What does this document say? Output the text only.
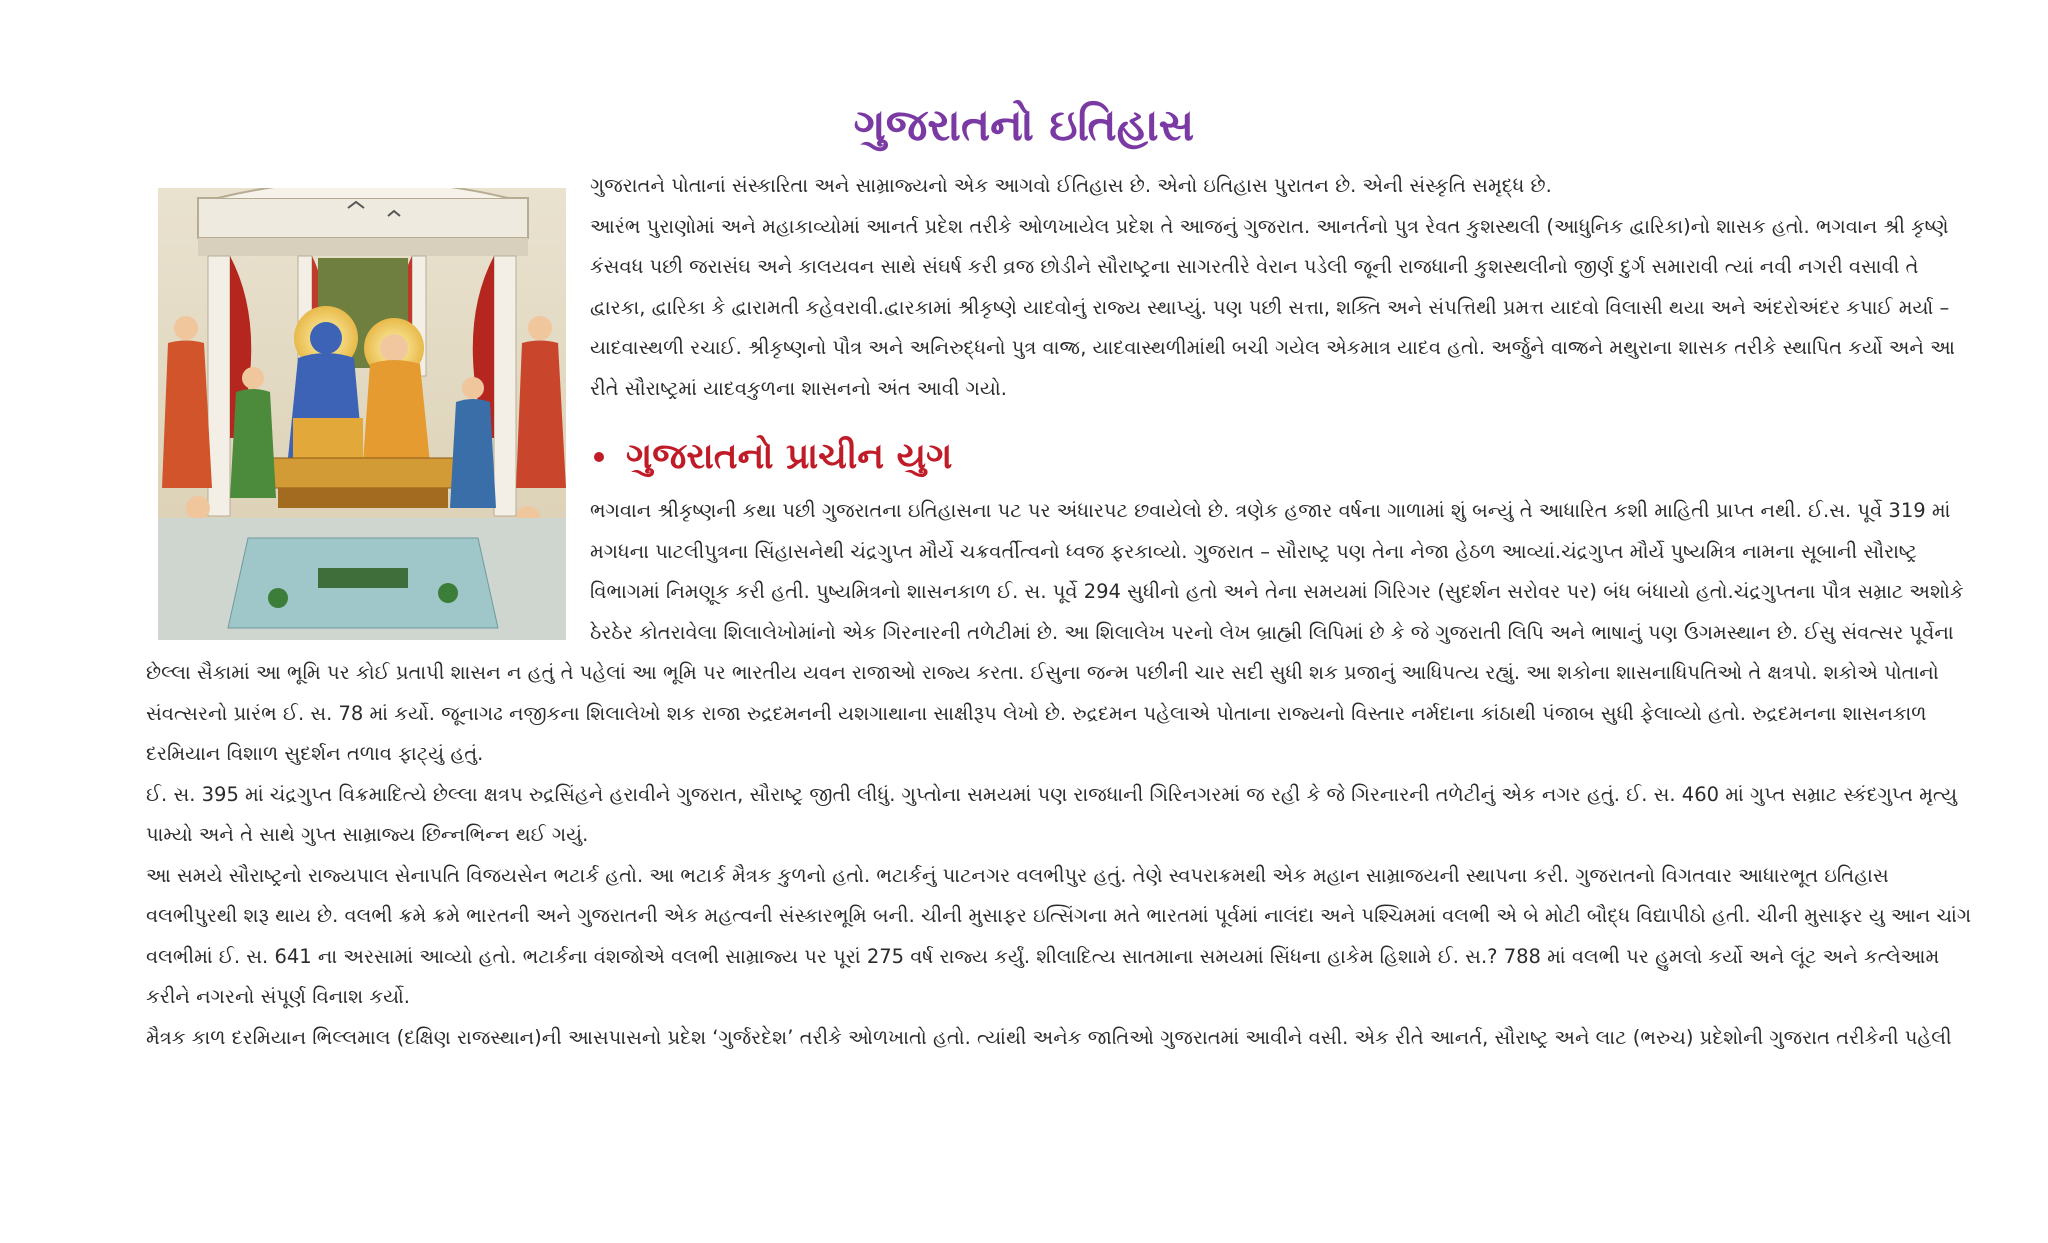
ગુજરાતનો ઇતિહાસ

ગુજરાતને પોતાનાં સંસ્કારિતા અને સામ્રાજ્યનો એક આગવો ઈતિહાસ છે. એનો ઇતિહાસ પુરાતન છે. એની સંસ્કૃતિ સમૃદ્ધ છે.

આરંભ પુરાણોમાં અને મહાકાવ્યોમાં આનર્ત પ્રદેશ તરીકે ઓળખાયેલ પ્રદેશ તે આજનું ગુજરાત. આનર્તનો પુત્ર રેવત કુશસ્થલી (આધુનિક દ્વારિકા)નો શાસક હતો. ભગવાન શ્રી કૃષ્ણે કંસવધ પછી જરાસંઘ અને કાલયવન સાથે સંઘર્ષ કરી વ્રજ છોડીને સૌરાષ્ટ્રના સાગરતીરે વેરાન પડેલી જૂની રાજધાની કુશસ્થલીનો જીર્ણ દુર્ગ સમારાવી ત્યાં નવી નગરી વસાવી તે દ્વારકા, દ્વારિકા કે દ્વારામતી કહેવરાવી.દ્વારકામાં શ્રીકૃષ્ણે યાદવોનું રાજ્ય સ્થાપ્યું. પણ પછી સત્તા, શક્તિ અને સંપત્તિથી પ્રમત્ત યાદવો વિલાસી થયા અને અંદરોઅંદર કપાઈ મર્યા – યાદવાસ્થળી રચાઈ. શ્રીકૃષ્ણનો પૌત્ર અને અનિરુદ્ધનો પુત્ર વાજ્ર, યાદવાસ્થળીમાંથી બચી ગયેલ એકમાત્ર યાદવ હતો. અર્જુને વાજ્રને મથુરાના શાસક તરીકે સ્થાપિત કર્યો અને આ રીતે સૌરાષ્ટ્રમાં યાદવકુળના શાસનનો અંત આવી ગયો.

ગુજરાતનો પ્રાચીન યુગ

ભગવાન શ્રીકૃષ્ણની કથા પછી ગુજરાતના ઇતિહાસના પટ પર અંધારપટ છવાયેલો છે. ત્રણેક હજાર વર્ષના ગાળામાં શું બન્યું તે આધારિત કશી માહિતી પ્રાપ્ત નથી. ઈ.સ. પૂર્વે 319 માં મગધના પાટલીપુત્રના સિંહાસનેથી ચંદ્રગુપ્ત મૌર્યે ચક્રવર્તીત્વનો ધ્વજ ફરકાવ્યો. ગુજરાત – સૌરાષ્ટ્ર પણ તેના નેજા હેઠળ આવ્યાં.ચંદ્રગુપ્ત મૌર્યે પુષ્યમિત્ર નામના સૂબાની સૌરાષ્ટ્ર વિભાગમાં નિમણૂક કરી હતી. પુષ્યમિત્રનો શાસનકાળ ઈ. સ. પૂર્વે 294 સુધીનો હતો અને તેના સમયમાં ગિરિગર (સુદર્શન સરોવર પર) બંધ બંધાયો હતો.ચંદ્રગુપ્તના પૌત્ર સમ્રાટ અશોકે ઠેરઠેર કોતરાવેલા શિલાલેખોમાંનો એક ગિરનારની તળેટીમાં છે. આ શિલાલેખ પરનો લેખ બ્રાહ્મી લિપિમાં છે કે જે ગુજરાતી લિપિ અને ભાષાનું પણ ઉગમસ્થાન છે. ઈસુ સંવત્સર પૂર્વેના છેલ્લા સૈકામાં આ ભૂમિ પર કોઈ પ્રતાપી શાસન ન હતું તે પહેલાં આ ભૂમિ પર ભારતીય યવન રાજાઓ રાજ્ય કરતા. ઈસુના જન્મ પછીની ચાર સદી સુધી શક પ્રજાનું આધિપત્ય રહ્યું. આ શકોના શાસનાધિપતિઓ તે ક્ષત્રપો. શકોએ પોતાનો સંવત્સરનો પ્રારંભ ઈ. સ. 78 માં કર્યો. જૂનાગઢ નજીકના શિલાલેખો શક રાજા રુદ્રદમનની યશગાથાના સાક્ષીરૂપ લેખો છે. રુદ્રદમન પહેલાએ પોતાના રાજ્યનો વિસ્તાર નર્મદાના કાંઠાથી પંજાબ સુધી ફેલાવ્યો હતો. રુદ્રદમનના શાસનકાળ દરમિયાન વિશાળ સુદર્શન તળાવ ફાટ્યું હતું.

ઈ. સ. 395 માં ચંદ્રગુપ્ત વિક્રમાદિત્યે છેલ્લા ક્ષત્રપ રુદ્રસિંહને હરાવીને ગુજરાત, સૌરાષ્ટ્ર જીતી લીધું. ગુપ્તોના સમયમાં પણ રાજધાની ગિરિનગરમાં જ રહી કે જે ગિરનારની તળેટીનું એક નગર હતું. ઈ. સ. 460 માં ગુપ્ત સમ્રાટ સ્કંદગુપ્ત મૃત્યુ પામ્યો અને તે સાથે ગુપ્ત સામ્રાજ્ય છિન્નભિન્ન થઈ ગયું.

આ સમયે સૌરાષ્ટ્રનો રાજ્યપાલ સેનાપતિ વિજયસેન ભટાર્ક હતો. આ ભટાર્ક મૈત્રક કુળનો હતો. ભટાર્કનું પાટનગર વલભીપુર હતું. તેણે સ્વપરાક્રમથી એક મહાન સામ્રાજયની સ્થાપના કરી. ગુજરાતનો વિગતવાર આધારભૂત ઇતિહાસ વલભીપુરથી શરૂ થાય છે. વલભી ક્રમે ક્રમે ભારતની અને ગુજરાતની એક મહત્વની સંસ્કારભૂમિ બની. ચીની મુસાફર ઇત્સિંગના મતે ભારતમાં પૂર્વમાં નાલંદા અને પશ્ચિમમાં વલભી એ બે મોટી બૌદ્ધ વિદ્યાપીઠો હતી. ચીની મુસાફર યુ આન ચાંગ વલભીમાં ઈ. સ. 641 ના અરસામાં આવ્યો હતો. ભટાર્કના વંશજોએ વલભી સામ્રાજ્ય પર પૂરાં 275 વર્ષ રાજ્ય કર્યું. શીલાદિત્ય સાતમાના સમયમાં સિંધના હાકેમ હિશામે ઈ. સ.? 788 માં વલભી પર હુમલો કર્યો અને લૂંટ અને કત્લેઆમ કરીને નગરનો સંપૂર્ણ વિનાશ કર્યો.

મૈત્રક કાળ દરમિયાન ભિલ્લમાલ (દક્ષિણ રાજસ્થાન)ની આસપાસનો પ્રદેશ ‘ગુર્જરદેશ’ તરીકે ઓળખાતો હતો. ત્યાંથી અનેક જાતિઓ ગુજરાતમાં આવીને વસી. એક રીતે આનર્ત, સૌરાષ્ટ્ર અને લાટ (ભરુચ) પ્રદેશોની ગુજરાત તરીકેની પહેલી
